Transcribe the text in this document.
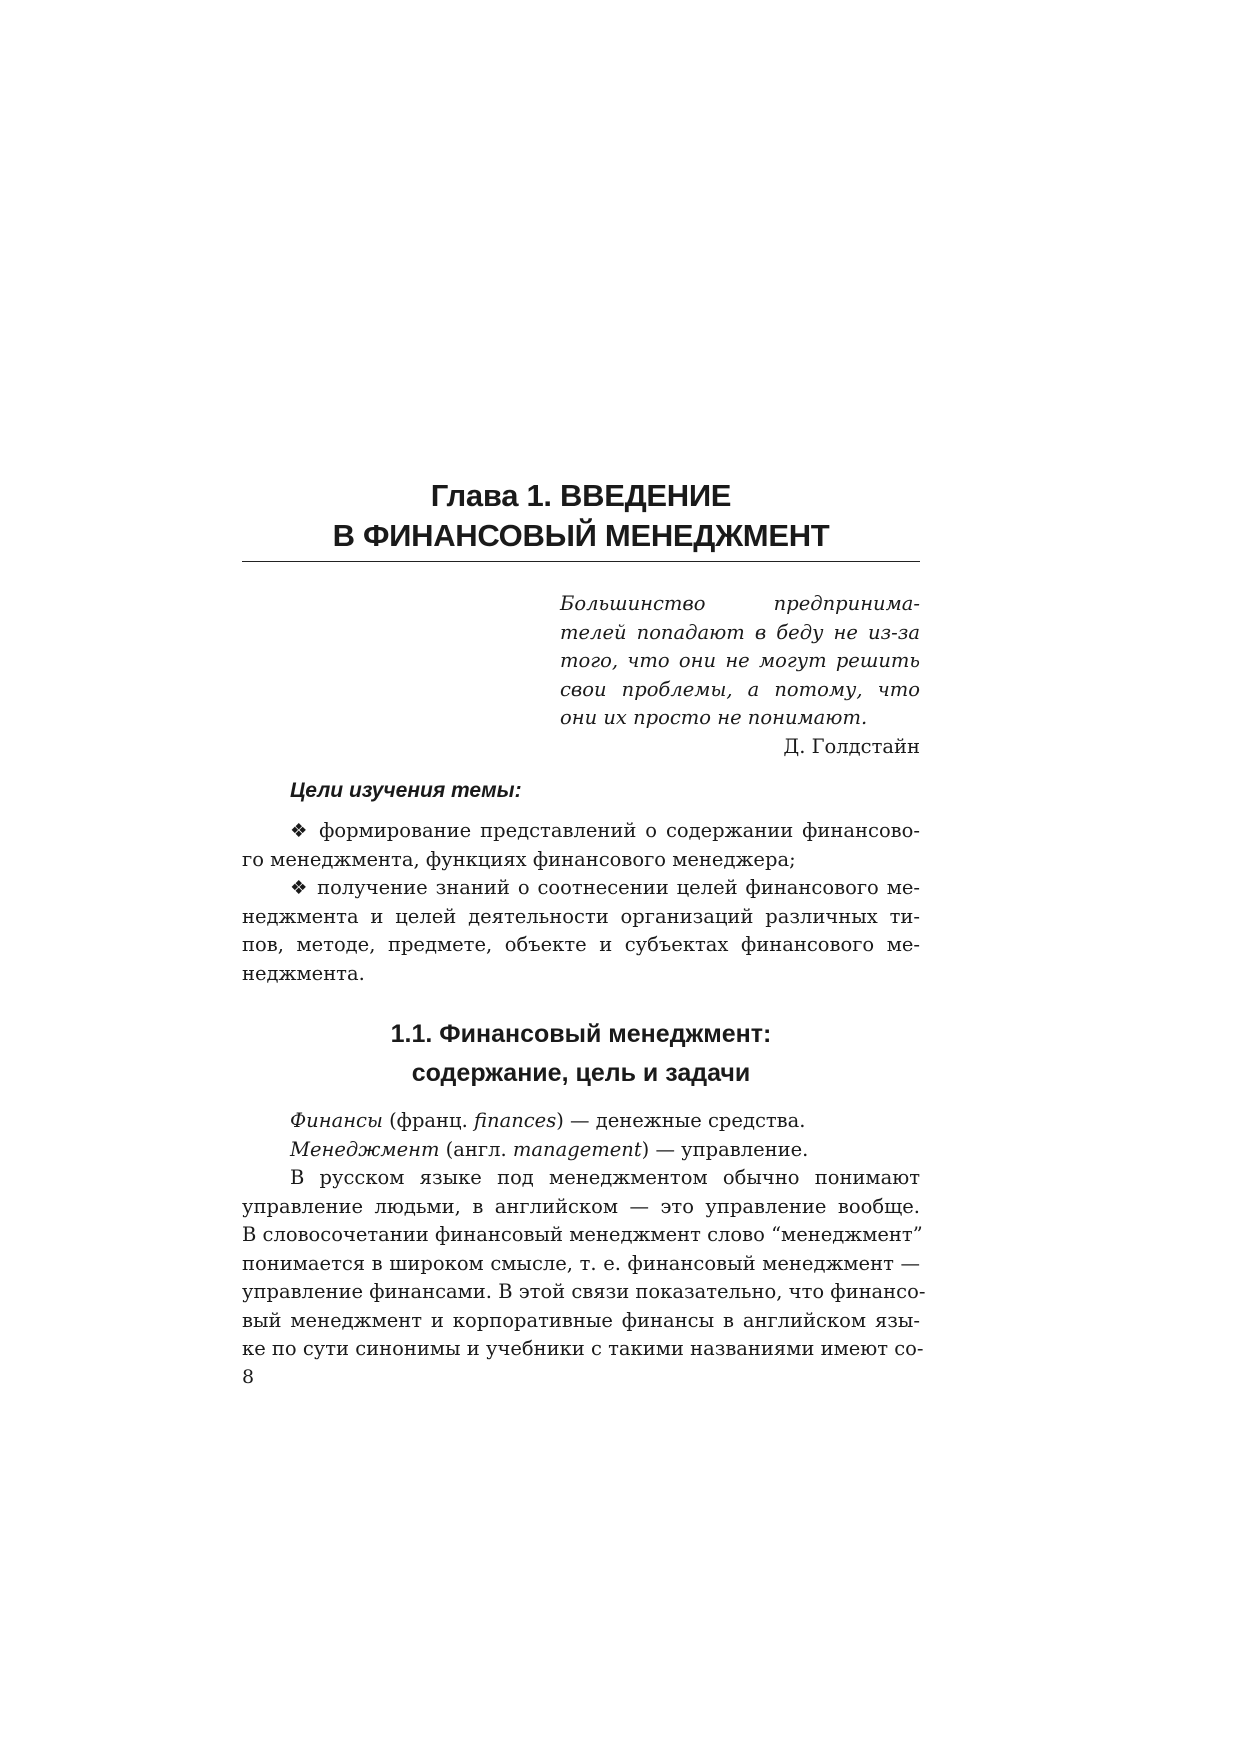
Глава 1. ВВЕДЕНИЕ
В ФИНАНСОВЫЙ МЕНЕДЖМЕНТ
Большинство предпринима-
телей попадают в беду не из-за
того, что они не могут решить
свои проблемы, а потому, что
они их просто не понимают.
Д. Голдстайн
Цели изучения темы:
❖ формирование представлений о содержании финансово-
го менеджмента, функциях финансового менеджера;
❖ получение знаний о соотнесении целей финансового ме-
неджмента и целей деятельности организаций различных ти-
пов, методе, предмете, объекте и субъектах финансового ме-
неджмента.
1.1. Финансовый менеджмент:
содержание, цель и задачи
Финансы (франц. finances) — денежные средства.
Менеджмент (англ. management) — управление.
В русском языке под менеджментом обычно понимают
управление людьми, в английском — это управление вообще.
В словосочетании финансовый менеджмент слово “менеджмент”
понимается в широком смысле, т. е. финансовый менеджмент —
управление финансами. В этой связи показательно, что финансо-
вый менеджмент и корпоративные финансы в английском язы-
ке по сути синонимы и учебники с такими названиями имеют со-
8
